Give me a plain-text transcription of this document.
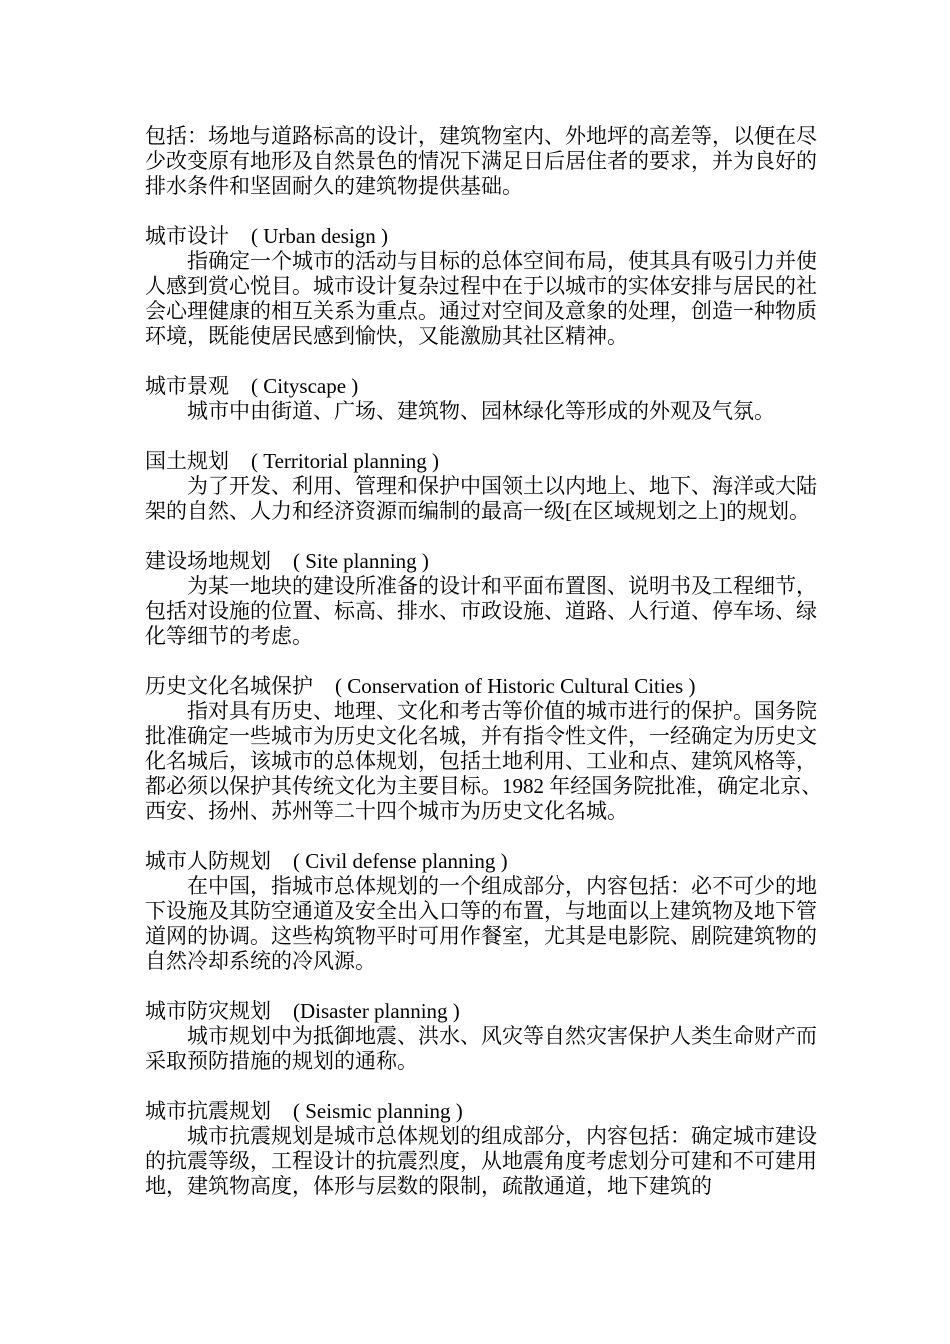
包括：场地与道路标高的设计，建筑物室内、外地坪的高差等，以便在尽少改变原有地形及自然景色的情况下满足日后居住者的要求，并为良好的排水条件和坚固耐久的建筑物提供基础。

城市设计 ( Urban design )

指确定一个城市的活动与目标的总体空间布局，使其具有吸引力并使人感到赏心悦目。城市设计复杂过程中在于以城市的实体安排与居民的社会心理健康的相互关系为重点。通过对空间及意象的处理，创造一种物质环境，既能使居民感到愉快，又能激励其社区精神。

城市景观 ( Cityscape )

城市中由街道、广场、建筑物、园林绿化等形成的外观及气氛。

国土规划 ( Territorial planning )

为了开发、利用、管理和保护中国领土以内地上、地下、海洋或大陆架的自然、人力和经济资源而编制的最高一级[在区域规划之上]的规划。

建设场地规划 ( Site planning )

为某一地块的建设所准备的设计和平面布置图、说明书及工程细节，包括对设施的位置、标高、排水、市政设施、道路、人行道、停车场、绿化等细节的考虑。

历史文化名城保护 ( Conservation of Historic Cultural Cities )

指对具有历史、地理、文化和考古等价值的城市进行的保护。国务院批准确定一些城市为历史文化名城，并有指令性文件，一经确定为历史文化名城后，该城市的总体规划，包括土地利用、工业和点、建筑风格等，都必须以保护其传统文化为主要目标。1982 年经国务院批准，确定北京、西安、扬州、苏州等二十四个城市为历史文化名城。

城市人防规划 ( Civil defense planning )

在中国，指城市总体规划的一个组成部分，内容包括：必不可少的地下设施及其防空通道及安全出入口等的布置，与地面以上建筑物及地下管道网的协调。这些构筑物平时可用作餐室，尤其是电影院、剧院建筑物的自然冷却系统的冷风源。

城市防灾规划 (Disaster planning )

城市规划中为抵御地震、洪水、风灾等自然灾害保护人类生命财产而采取预防措施的规划的通称。

城市抗震规划 ( Seismic planning )

城市抗震规划是城市总体规划的组成部分，内容包括：确定城市建设的抗震等级，工程设计的抗震烈度，从地震角度考虑划分可建和不可建用地，建筑物高度，体形与层数的限制，疏散通道，地下建筑的
